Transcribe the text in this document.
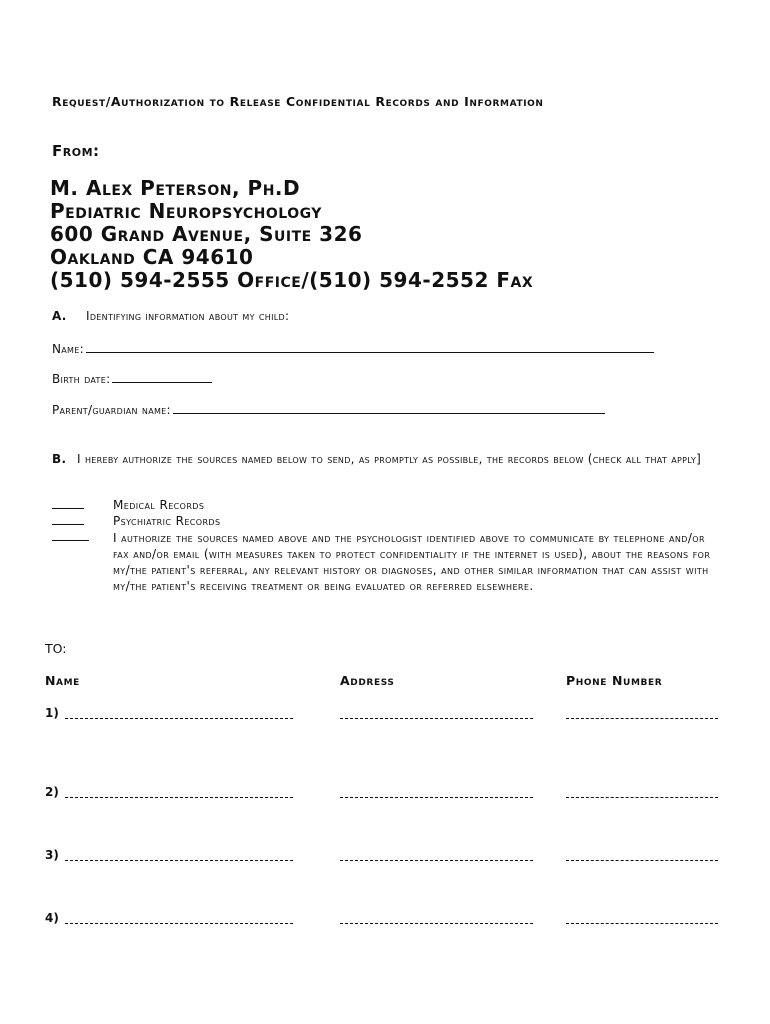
Request/Authorization to Release Confidential Records and Information
From:
M. Alex Peterson, Ph.D
Pediatric Neuropsychology
600 Grand Avenue, Suite 326
Oakland CA 94610
(510) 594-2555 Office/(510) 594-2552 Fax
A. Identifying information about my child:
Name:
Birth date:
Parent/guardian name:
B. I hereby authorize the sources named below to send, as promptly as possible, the records below (check all that apply]
Medical Records
Psychiatric Records
I authorize the sources named above and the psychologist identified above to communicate by telephone and/or fax and/or email (with measures taken to protect confidentiality if the internet is used), about the reasons for my/the patient's referral, any relevant history or diagnoses, and other similar information that can assist with my/the patient's receiving treatment or being evaluated or referred elsewhere.
TO:
Name	Address	Phone Number
1)
2)
3)
4)
